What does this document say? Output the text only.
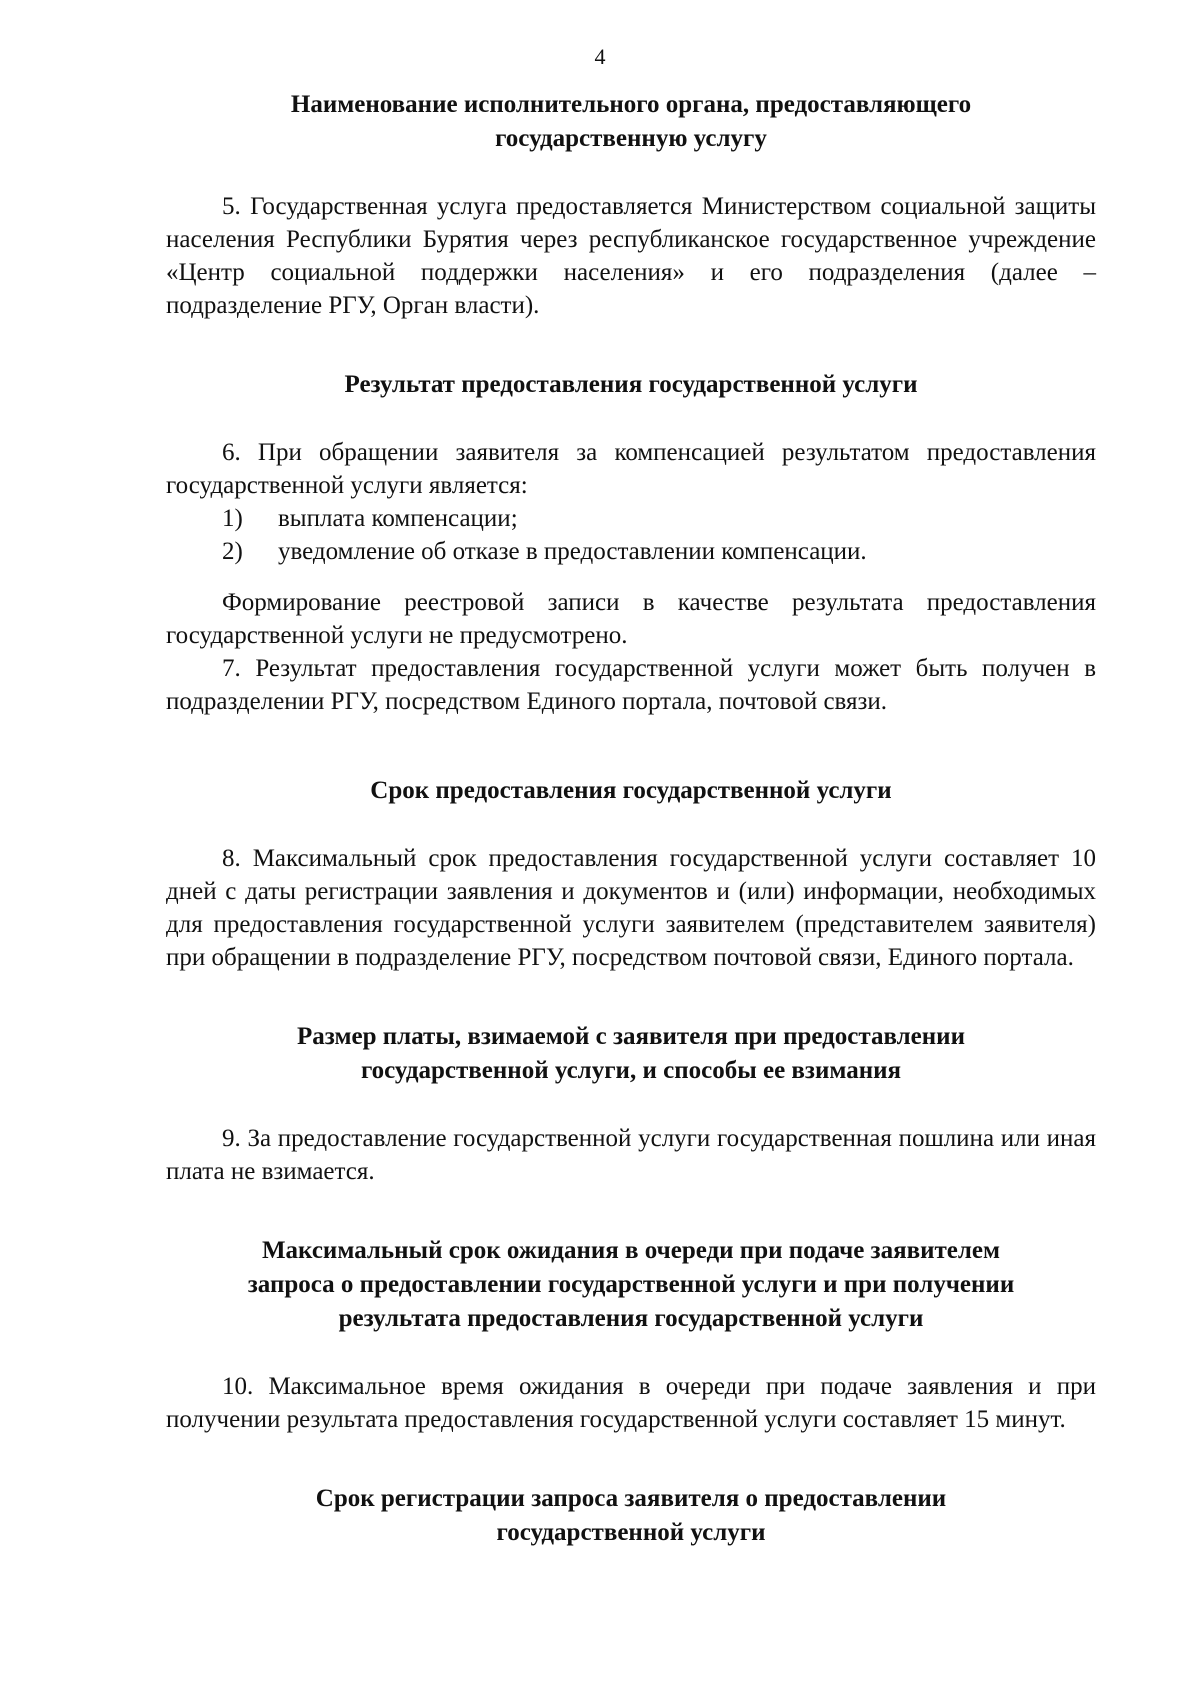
4
Наименование исполнительного органа, предоставляющего
государственную услугу

5. Государственная услуга предоставляется Министерством социальной защиты населения Республики Бурятия через республиканское государственное учреждение «Центр социальной поддержки населения» и его подразделения (далее – подразделение РГУ, Орган власти).

Результат предоставления государственной услуги

6. При обращении заявителя за компенсацией результатом предоставления государственной услуги является:

1)	выплата компенсации;
2)	уведомление об отказе в предоставлении компенсации.

Формирование реестровой записи в качестве результата предоставления государственной услуги не предусмотрено.

7. Результат предоставления государственной услуги может быть получен в подразделении РГУ, посредством Единого портала, почтовой связи.

Срок предоставления государственной услуги

8. Максимальный срок предоставления государственной услуги составляет 10 дней с даты регистрации заявления и документов и (или) информации, необходимых для предоставления государственной услуги заявителем (представителем заявителя) при обращении в подразделение РГУ, посредством почтовой связи, Единого портала.

Размер платы, взимаемой с заявителя при предоставлении
государственной услуги, и способы ее взимания

9. За предоставление государственной услуги государственная пошлина или иная плата не взимается.

Максимальный срок ожидания в очереди при подаче заявителем
запроса о предоставлении государственной услуги и при получении
результата предоставления государственной услуги

10. Максимальное время ожидания в очереди при подаче заявления и при получении результата предоставления государственной услуги составляет 15 минут.

Срок регистрации запроса заявителя о предоставлении
государственной услуги
